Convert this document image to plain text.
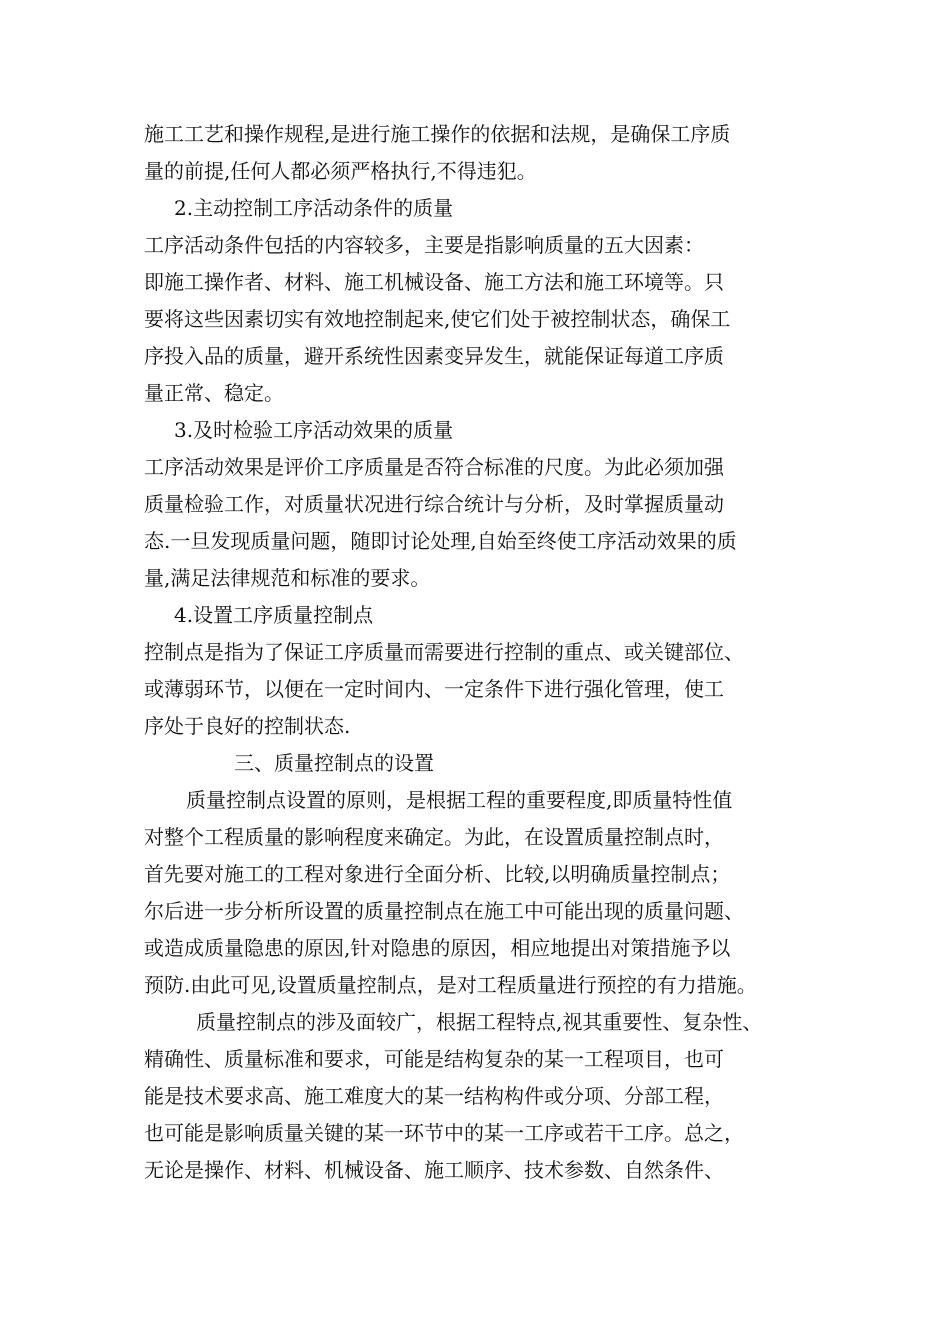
施工工艺和操作规程,是进行施工操作的依据和法规，是确保工序质
量的前提,任何人都必须严格执行,不得违犯。
2.主动控制工序活动条件的质量
工序活动条件包括的内容较多，主要是指影响质量的五大因素：
即施工操作者、材料、施工机械设备、施工方法和施工环境等。只
要将这些因素切实有效地控制起来,使它们处于被控制状态，确保工
序投入品的质量，避开系统性因素变异发生，就能保证每道工序质
量正常、稳定。
3.及时检验工序活动效果的质量
工序活动效果是评价工序质量是否符合标准的尺度。为此必须加强
质量检验工作，对质量状况进行综合统计与分析，及时掌握质量动
态.一旦发现质量问题，随即讨论处理,自始至终使工序活动效果的质
量,满足法律规范和标准的要求。
4.设置工序质量控制点
控制点是指为了保证工序质量而需要进行控制的重点、或关键部位、
或薄弱环节，以便在一定时间内、一定条件下进行强化管理，使工
序处于良好的控制状态.
三、质量控制点的设置
质量控制点设置的原则，是根据工程的重要程度,即质量特性值
对整个工程质量的影响程度来确定。为此，在设置质量控制点时，
首先要对施工的工程对象进行全面分析、比较,以明确质量控制点；
尔后进一步分析所设置的质量控制点在施工中可能出现的质量问题、
或造成质量隐患的原因,针对隐患的原因，相应地提出对策措施予以
预防.由此可见,设置质量控制点，是对工程质量进行预控的有力措施。
质量控制点的涉及面较广，根据工程特点,视其重要性、复杂性、
精确性、质量标准和要求，可能是结构复杂的某一工程项目，也可
能是技术要求高、施工难度大的某一结构构件或分项、分部工程，
也可能是影响质量关键的某一环节中的某一工序或若干工序。总之，
无论是操作、材料、机械设备、施工顺序、技术参数、自然条件、
